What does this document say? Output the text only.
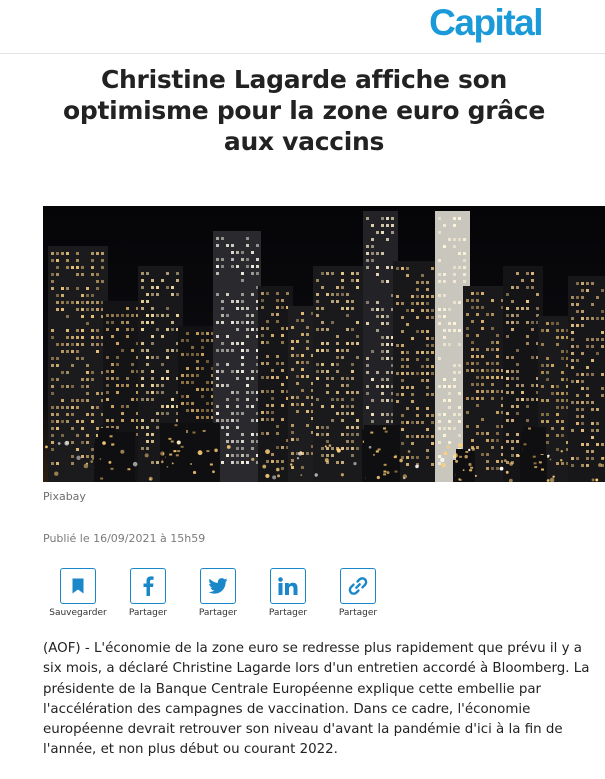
Capital
Christine Lagarde affiche son optimisme pour la zone euro grâce aux vaccins
Pixabay
Publié le 16/09/2021 à 15h59
Sauvegarder Partager	Partager	Partager	Partager

(AOF) - L'économie de la zone euro se redresse plus rapidement que prévu il y a six mois, a déclaré Christine Lagarde lors d'un entretien accordé à Bloomberg. La présidente de la Banque Centrale Européenne explique cette embellie par l'accélération des campagnes de vaccination. Dans ce cadre, l'économie européenne devrait retrouver son niveau d'avant la pandémie d'ici à la fin de l'année, et non plus début ou courant 2022.
